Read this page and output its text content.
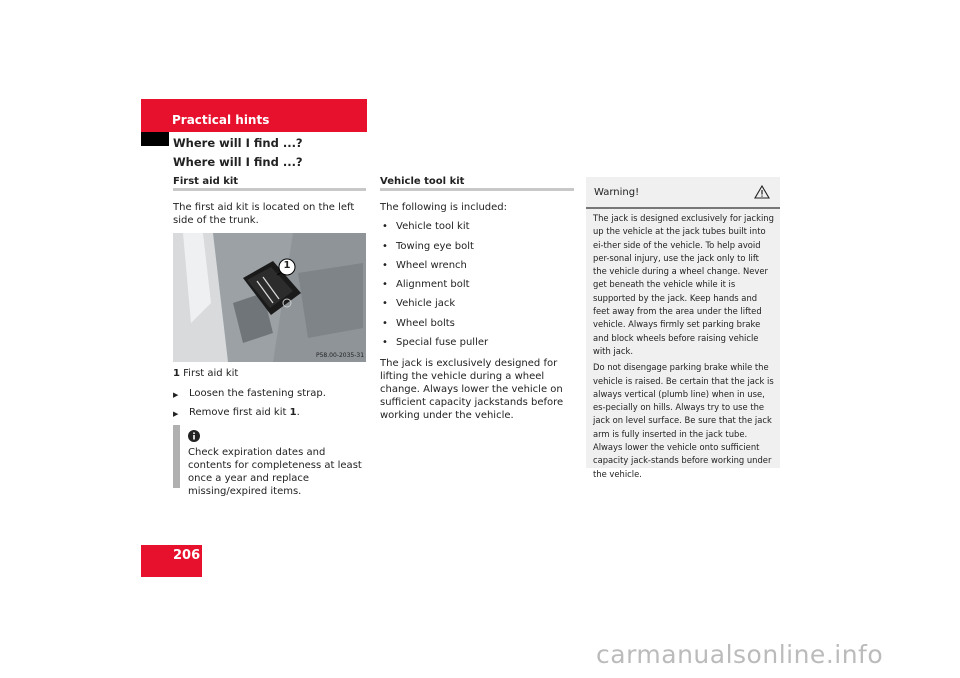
Practical hints
Where will I find ...?
Where will I find ...?
First aid kit
The first aid kit is located on the left side of the trunk.
1
P58.00-2035-31
1 First aid kit
▶ Loosen the fastening strap.
▶ Remove first aid kit 1.
Check expiration dates and contents for completeness at least once a year and replace missing/expired items.
Vehicle tool kit
The following is included:
• Vehicle tool kit
• Towing eye bolt
• Wheel wrench
• Alignment bolt
• Vehicle jack
• Wheel bolts
• Special fuse puller
The jack is exclusively designed for lifting the vehicle during a wheel change. Always lower the vehicle on sufficient capacity jackstands before working under the vehicle.
Warning!

The jack is designed exclusively for jacking up the vehicle at the jack tubes built into ei-ther side of the vehicle. To help avoid per-sonal injury, use the jack only to lift the vehicle during a wheel change. Never get beneath the vehicle while it is supported by the jack. Keep hands and feet away from the area under the lifted vehicle. Always firmly set parking brake and block wheels before raising vehicle with jack.

Do not disengage parking brake while the vehicle is raised. Be certain that the jack is always vertical (plumb line) when in use, es-pecially on hills. Always try to use the jack on level surface. Be sure that the jack arm is fully inserted in the jack tube. Always lower the vehicle onto sufficient capacity jack-stands before working under the vehicle.

206
carmanualsonline.info
